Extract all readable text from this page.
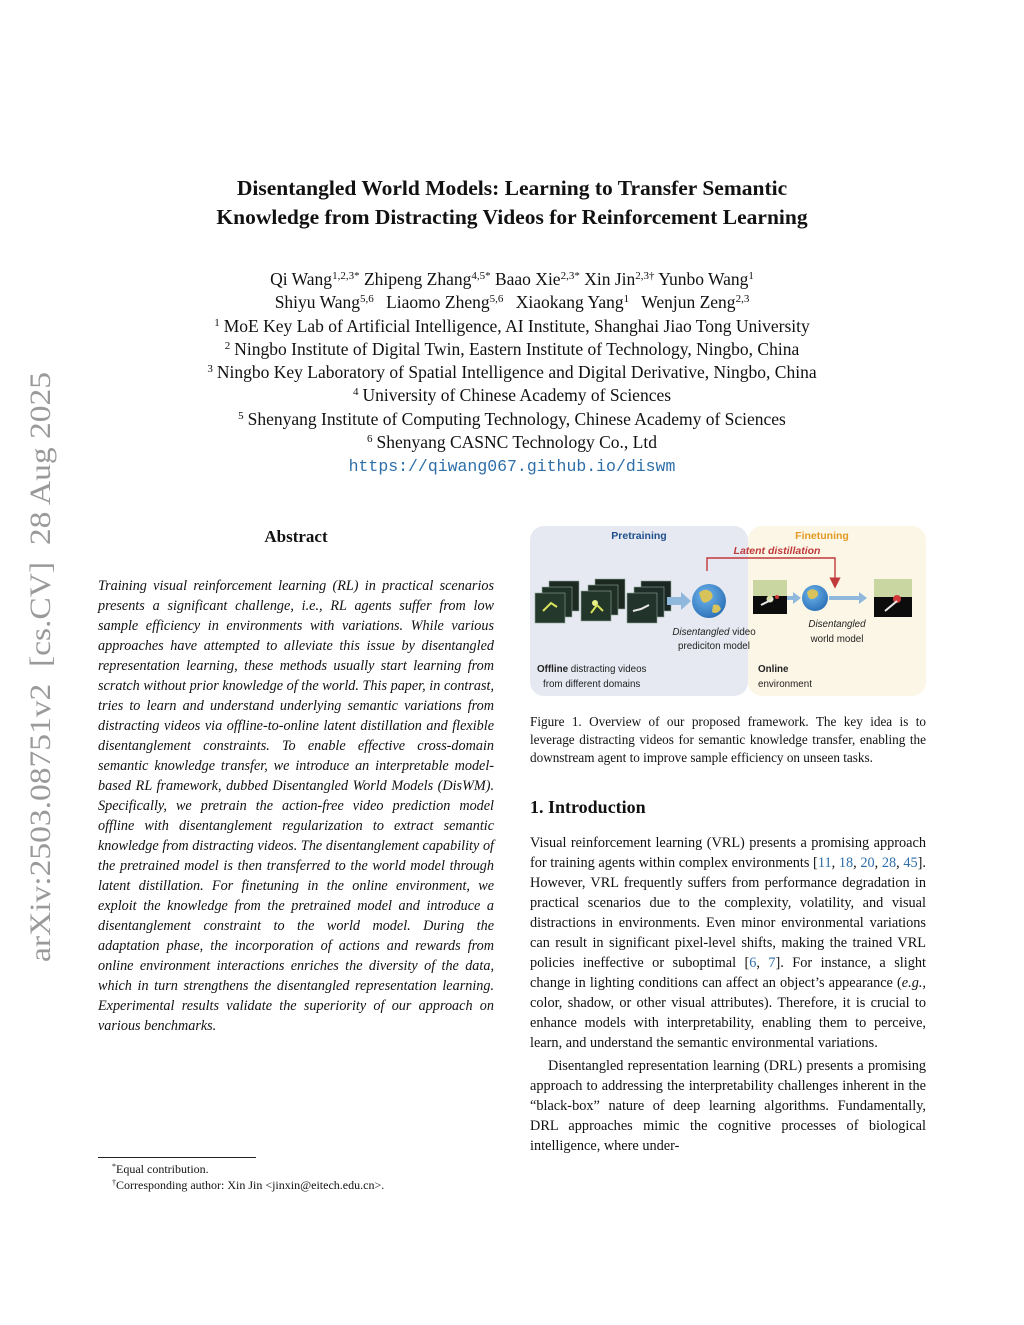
arXiv:2503.08751v2  [cs.CV]  28 Aug 2025
Disentangled World Models: Learning to Transfer Semantic
Knowledge from Distracting Videos for Reinforcement Learning

Qi Wang$^{1,2,3*}$ Zhipeng Zhang$^{4,5*}$ Baao Xie$^{2,3*}$ Xin Jin$^{2,3\dagger}$ Yunbo Wang$^1$

Shiyu Wang$^{5,6}$ Liaomo Zheng$^{5,6}$ Xiaokang Yang$^1$ Wenjun Zeng$^{2,3}$

$^1$ MoE Key Lab of Artificial Intelligence, AI Institute, Shanghai Jiao Tong University

$^2$ Ningbo Institute of Digital Twin, Eastern Institute of Technology, Ningbo, China

$^3$ Ningbo Key Laboratory of Spatial Intelligence and Digital Derivative, Ningbo, China

$^4$ University of Chinese Academy of Sciences

$^5$ Shenyang Institute of Computing Technology, Chinese Academy of Sciences

$^6$ Shenyang CASNC Technology Co., Ltd

https://qiwang067.github.io/diswm

Abstract

Training visual reinforcement learning (RL) in practical scenarios presents a significant challenge, i.e., RL agents suffer from low sample efficiency in environments with variations. While various approaches have attempted to alleviate this issue by disentangled representation learning, these methods usually start learning from scratch without prior knowledge of the world. This paper, in contrast, tries to learn and understand underlying semantic variations from distracting videos via offline-to-online latent distillation and flexible disentanglement constraints. To enable effective cross-domain semantic knowledge transfer, we introduce an interpretable model-based RL framework, dubbed Disentangled World Models (DisWM). Specifically, we pretrain the action-free video prediction model offline with disentanglement regularization to extract semantic knowledge from distracting videos. The disentanglement capability of the pretrained model is then transferred to the world model through latent distillation. For finetuning in the online environment, we exploit the knowledge from the pretrained model and introduce a disentanglement constraint to the world model. During the adaptation phase, the incorporation of actions and rewards from online environment interactions enriches the diversity of the data, which in turn strengthens the disentangled representation learning. Experimental results validate the superiority of our approach on various benchmarks.

*Equal contribution.

†Corresponding author: Xin Jin <jinxin@eitech.edu.cn>.

Pretraining	Finetuning
Latent distillation
Disentangled video
prediciton model
Offline distracting videos
from different domains
Disentangled
world model
Online
environment

Figure 1. Overview of our proposed framework. The key idea is to leverage distracting videos for semantic knowledge transfer, enabling the downstream agent to improve sample efficiency on unseen tasks.

1. Introduction

Visual reinforcement learning (VRL) presents a promising approach for training agents within complex environments [11, 18, 20, 28, 45]. However, VRL frequently suffers from performance degradation in practical scenarios due to the complexity, volatility, and visual distractions in environments. Even minor environmental variations can result in significant pixel-level shifts, making the trained VRL policies ineffective or suboptimal [6, 7]. For instance, a slight change in lighting conditions can affect an object’s appearance (e.g., color, shadow, or other visual attributes). Therefore, it is crucial to enhance models with interpretability, enabling them to perceive, learn, and understand the semantic environmental variations.

Disentangled representation learning (DRL) presents a promising approach to addressing the interpretability challenges inherent in the “black-box” nature of deep learning algorithms. Fundamentally, DRL approaches mimic the cognitive processes of biological intelligence, where under-
